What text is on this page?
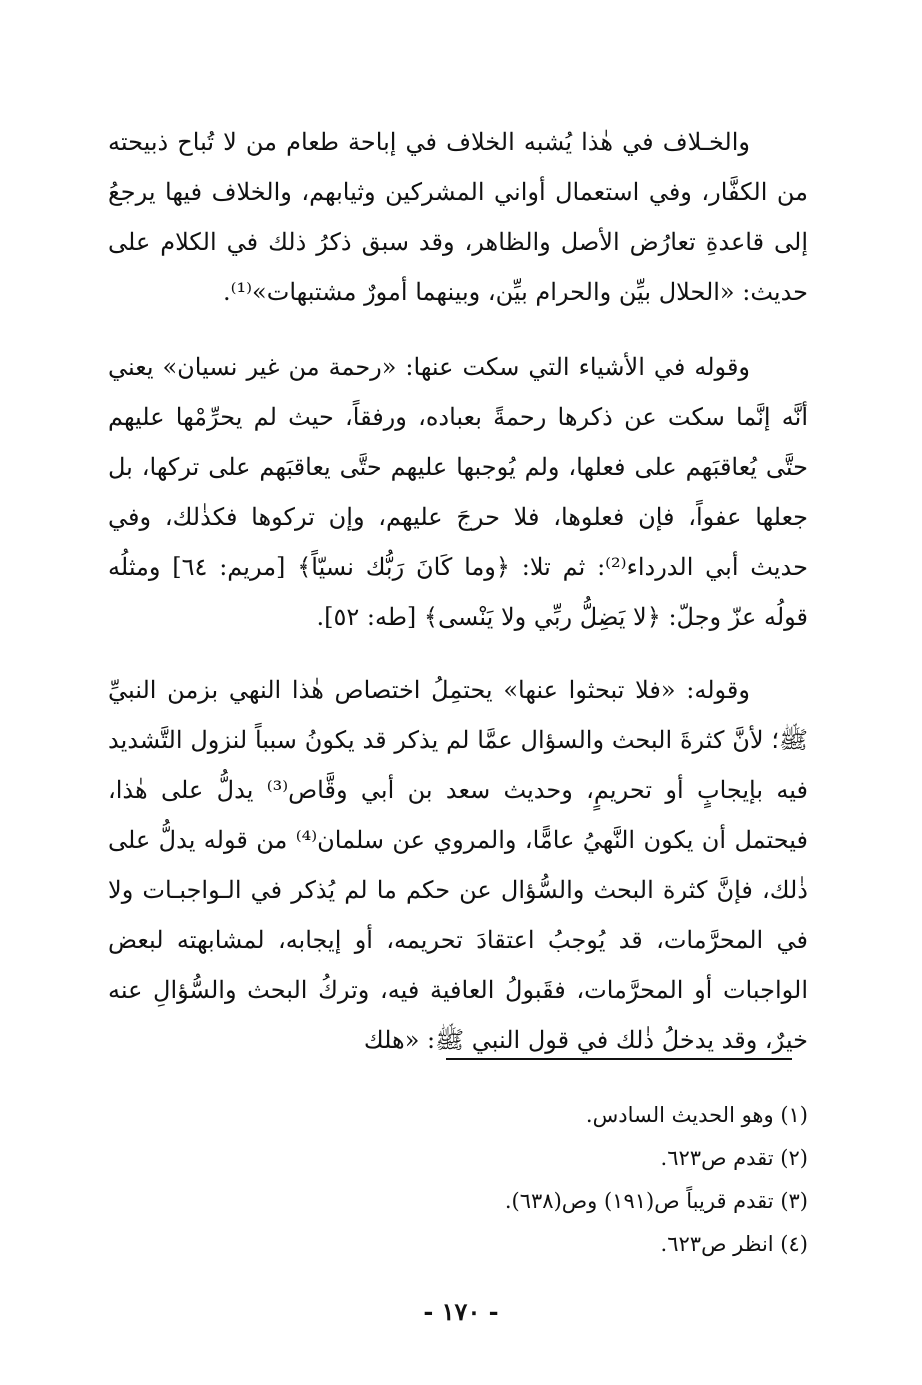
والخـلاف في هٰذا يُشبه الخلاف في إباحة طعام من لا تُباح ذبيحته من الكفَّار، وفي استعمال أواني المشركين وثيابهم، والخلاف فيها يرجعُ إلى قاعدةِ تعارُض الأصل والظاهر، وقد سبق ذكرُ ذلك في الكلام على حديث: «الحلال بيِّن والحرام بيِّن، وبينهما أمورٌ مشتبهات»⁽¹⁾.

وقوله في الأشياء التي سكت عنها: «رحمة من غير نسيان» يعني أنَّه إنَّما سكت عن ذكرها رحمةً بعباده، ورفقاً، حيث لم يحرِّمْها عليهم حتَّى يُعاقبَهم على فعلها، ولم يُوجبها عليهم حتَّى يعاقبَهم على تركها، بل جعلها عفواً، فإن فعلوها، فلا حرجَ عليهم، وإن تركوها فكذٰلك، وفي حديث أبي الدرداء⁽²⁾: ثم تلا: ﴿وما كَانَ رَبُّك نسيّاً﴾ [مريم: ٦٤] ومثلُه قولُه عزّ وجلّ: ﴿لا يَضِلُّ ربِّي ولا يَنْسى﴾ [طه: ٥٢].

وقوله: «فلا تبحثوا عنها» يحتمِلُ اختصاص هٰذا النهي بزمن النبيِّ ﷺ؛ لأنَّ كثرةَ البحث والسؤال عمَّا لم يذكر قد يكونُ سبباً لنزول التَّشديد فيه بإيجابٍ أو تحريمٍ، وحديث سعد بن أبي وقَّاص⁽³⁾ يدلُّ على هٰذا، فيحتمل أن يكون النَّهيُ عامًّا، والمروي عن سلمان⁽⁴⁾ من قوله يدلُّ على ذٰلك، فإنَّ كثرة البحث والسُّؤال عن حكم ما لم يُذكر في الـواجبـات ولا في المحرَّمات، قد يُوجبُ اعتقادَ تحريمه، أو إيجابه، لمشابهته لبعض الواجبات أو المحرَّمات، فقَبولُ العافية فيه، وتركُ البحث والسُّؤالِ عنه خيرٌ، وقد يدخلُ ذٰلك في قول النبي ﷺ: «هلك

(١) وهو الحديث السادس.
(٢) تقدم ص٦٢٣.
(٣) تقدم قريباً ص(١٩١) وص(٦٣٨).
(٤) انظر ص٦٢٣.
- ١٧٠ -
